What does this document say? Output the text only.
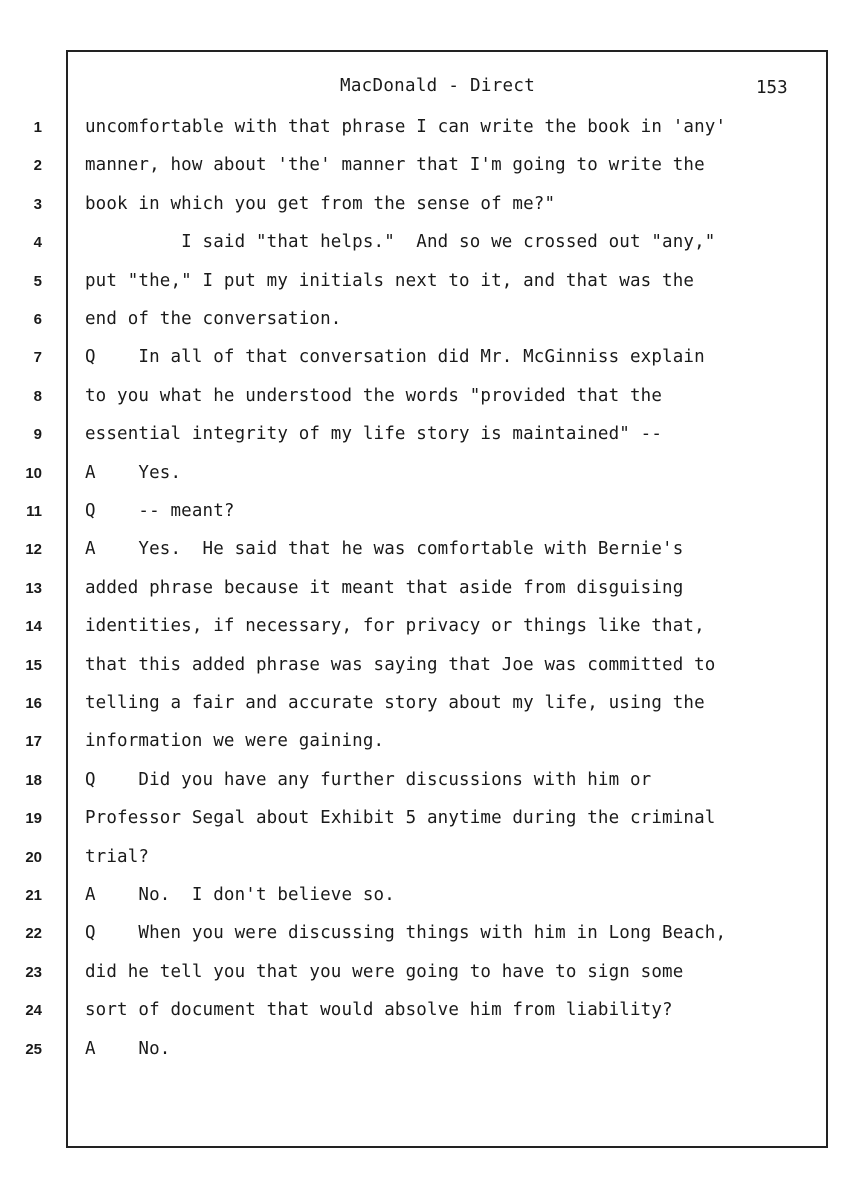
MacDonald - Direct	153
1 uncomfortable with that phrase I can write the book in 'any'
2 manner, how about 'the' manner that I'm going to write the
3 book in which you get from the sense of me?"
4 I said "that helps."  And so we crossed out "any,"
5 put "the," I put my initials next to it, and that was the
6 end of the conversation.
7 Q    In all of that conversation did Mr. McGinniss explain
8 to you what he understood the words "provided that the
9 essential integrity of my life story is maintained" --
10 A    Yes.
11 Q    -- meant?
12 A    Yes.  He said that he was comfortable with Bernie's
13 added phrase because it meant that aside from disguising
14 identities, if necessary, for privacy or things like that,
15 that this added phrase was saying that Joe was committed to
16 telling a fair and accurate story about my life, using the
17 information we were gaining.
18 Q    Did you have any further discussions with him or
19 Professor Segal about Exhibit 5 anytime during the criminal
20 trial?
21 A    No.  I don't believe so.
22 Q    When you were discussing things with him in Long Beach,
23 did he tell you that you were going to have to sign some
24 sort of document that would absolve him from liability?
25 A    No.
